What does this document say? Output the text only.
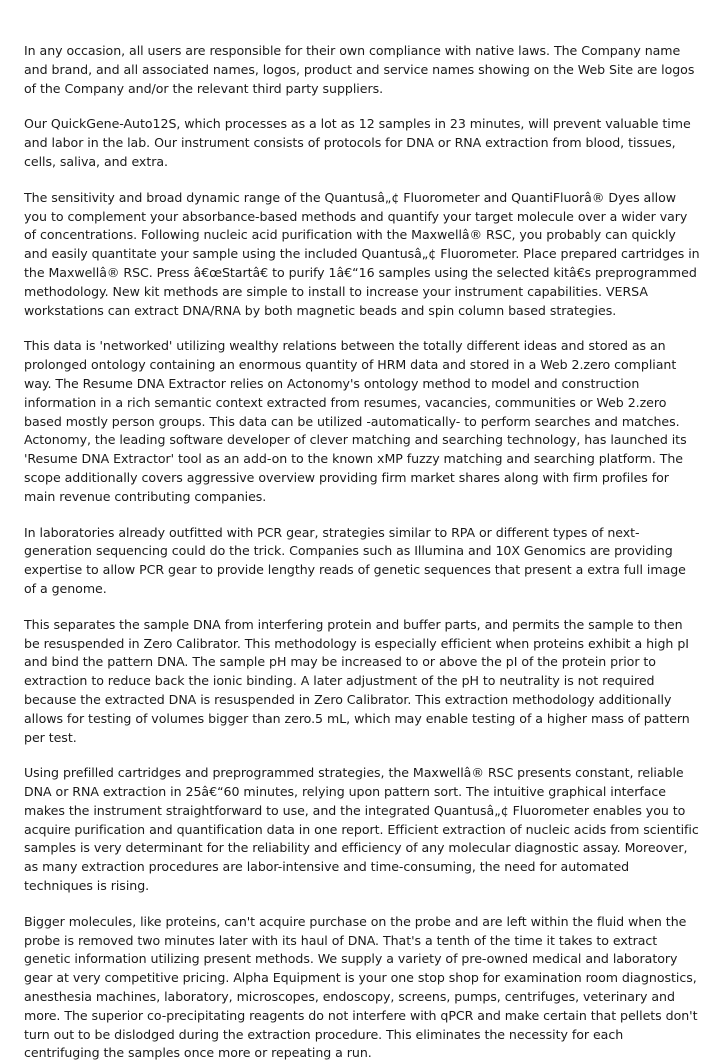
In any occasion, all users are responsible for their own compliance with native laws. The Company name and brand, and all associated names, logos, product and service names showing on the Web Site are logos of the Company and/or the relevant third party suppliers.

Our QuickGene-Auto12S, which processes as a lot as 12 samples in 23 minutes, will prevent valuable time and labor in the lab. Our instrument consists of protocols for DNA or RNA extraction from blood, tissues, cells, saliva, and extra.

The sensitivity and broad dynamic range of the Quantusâ„¢ Fluorometer and QuantiFluorâ® Dyes allow you to complement your absorbance-based methods and quantify your target molecule over a wider vary of concentrations. Following nucleic acid purification with the Maxwellâ® RSC, you probably can quickly and easily quantitate your sample using the included Quantusâ„¢ Fluorometer. Place prepared cartridges in the Maxwellâ® RSC. Press â€œStartâ€ to purify 1â€“16 samples using the selected kitâ€s preprogrammed methodology. New kit methods are simple to install to increase your instrument capabilities. VERSA workstations can extract DNA/RNA by both magnetic beads and spin column based strategies.

This data is 'networked' utilizing wealthy relations between the totally different ideas and stored as an prolonged ontology containing an enormous quantity of HRM data and stored in a Web 2.zero compliant way. The Resume DNA Extractor relies on Actonomy's ontology method to model and construction information in a rich semantic context extracted from resumes, vacancies, communities or Web 2.zero based mostly person groups. This data can be utilized -automatically- to perform searches and matches. Actonomy, the leading software developer of clever matching and searching technology, has launched its 'Resume DNA Extractor' tool as an add-on to the known xMP fuzzy matching and searching platform. The scope additionally covers aggressive overview providing firm market shares along with firm profiles for main revenue contributing companies.

In laboratories already outfitted with PCR gear, strategies similar to RPA or different types of next-generation sequencing could do the trick. Companies such as Illumina and 10X Genomics are providing expertise to allow PCR gear to provide lengthy reads of genetic sequences that present a extra full image of a genome.

This separates the sample DNA from interfering protein and buffer parts, and permits the sample to then be resuspended in Zero Calibrator. This methodology is especially efficient when proteins exhibit a high pI and bind the pattern DNA. The sample pH may be increased to or above the pI of the protein prior to extraction to reduce back the ionic binding. A later adjustment of the pH to neutrality is not required because the extracted DNA is resuspended in Zero Calibrator. This extraction methodology additionally allows for testing of volumes bigger than zero.5 mL, which may enable testing of a higher mass of pattern per test.

Using prefilled cartridges and preprogrammed strategies, the Maxwellâ® RSC presents constant, reliable DNA or RNA extraction in 25â€“60 minutes, relying upon pattern sort. The intuitive graphical interface makes the instrument straightforward to use, and the integrated Quantusâ„¢ Fluorometer enables you to acquire purification and quantification data in one report. Efficient extraction of nucleic acids from scientific samples is very determinant for the reliability and efficiency of any molecular diagnostic assay. Moreover, as many extraction procedures are labor-intensive and time-consuming, the need for automated techniques is rising.

Bigger molecules, like proteins, can't acquire purchase on the probe and are left within the fluid when the probe is removed two minutes later with its haul of DNA. That's a tenth of the time it takes to extract genetic information utilizing present methods. We supply a variety of pre-owned medical and laboratory gear at very competitive pricing. Alpha Equipment is your one stop shop for examination room diagnostics, anesthesia machines, laboratory, microscopes, endoscopy, screens, pumps, centrifuges, veterinary and more. The superior co-precipitating reagents do not interfere with qPCR and make certain that pellets don't turn out to be dislodged during the extraction procedure. This eliminates the necessity for each centrifuging the samples once more or repeating a run.
